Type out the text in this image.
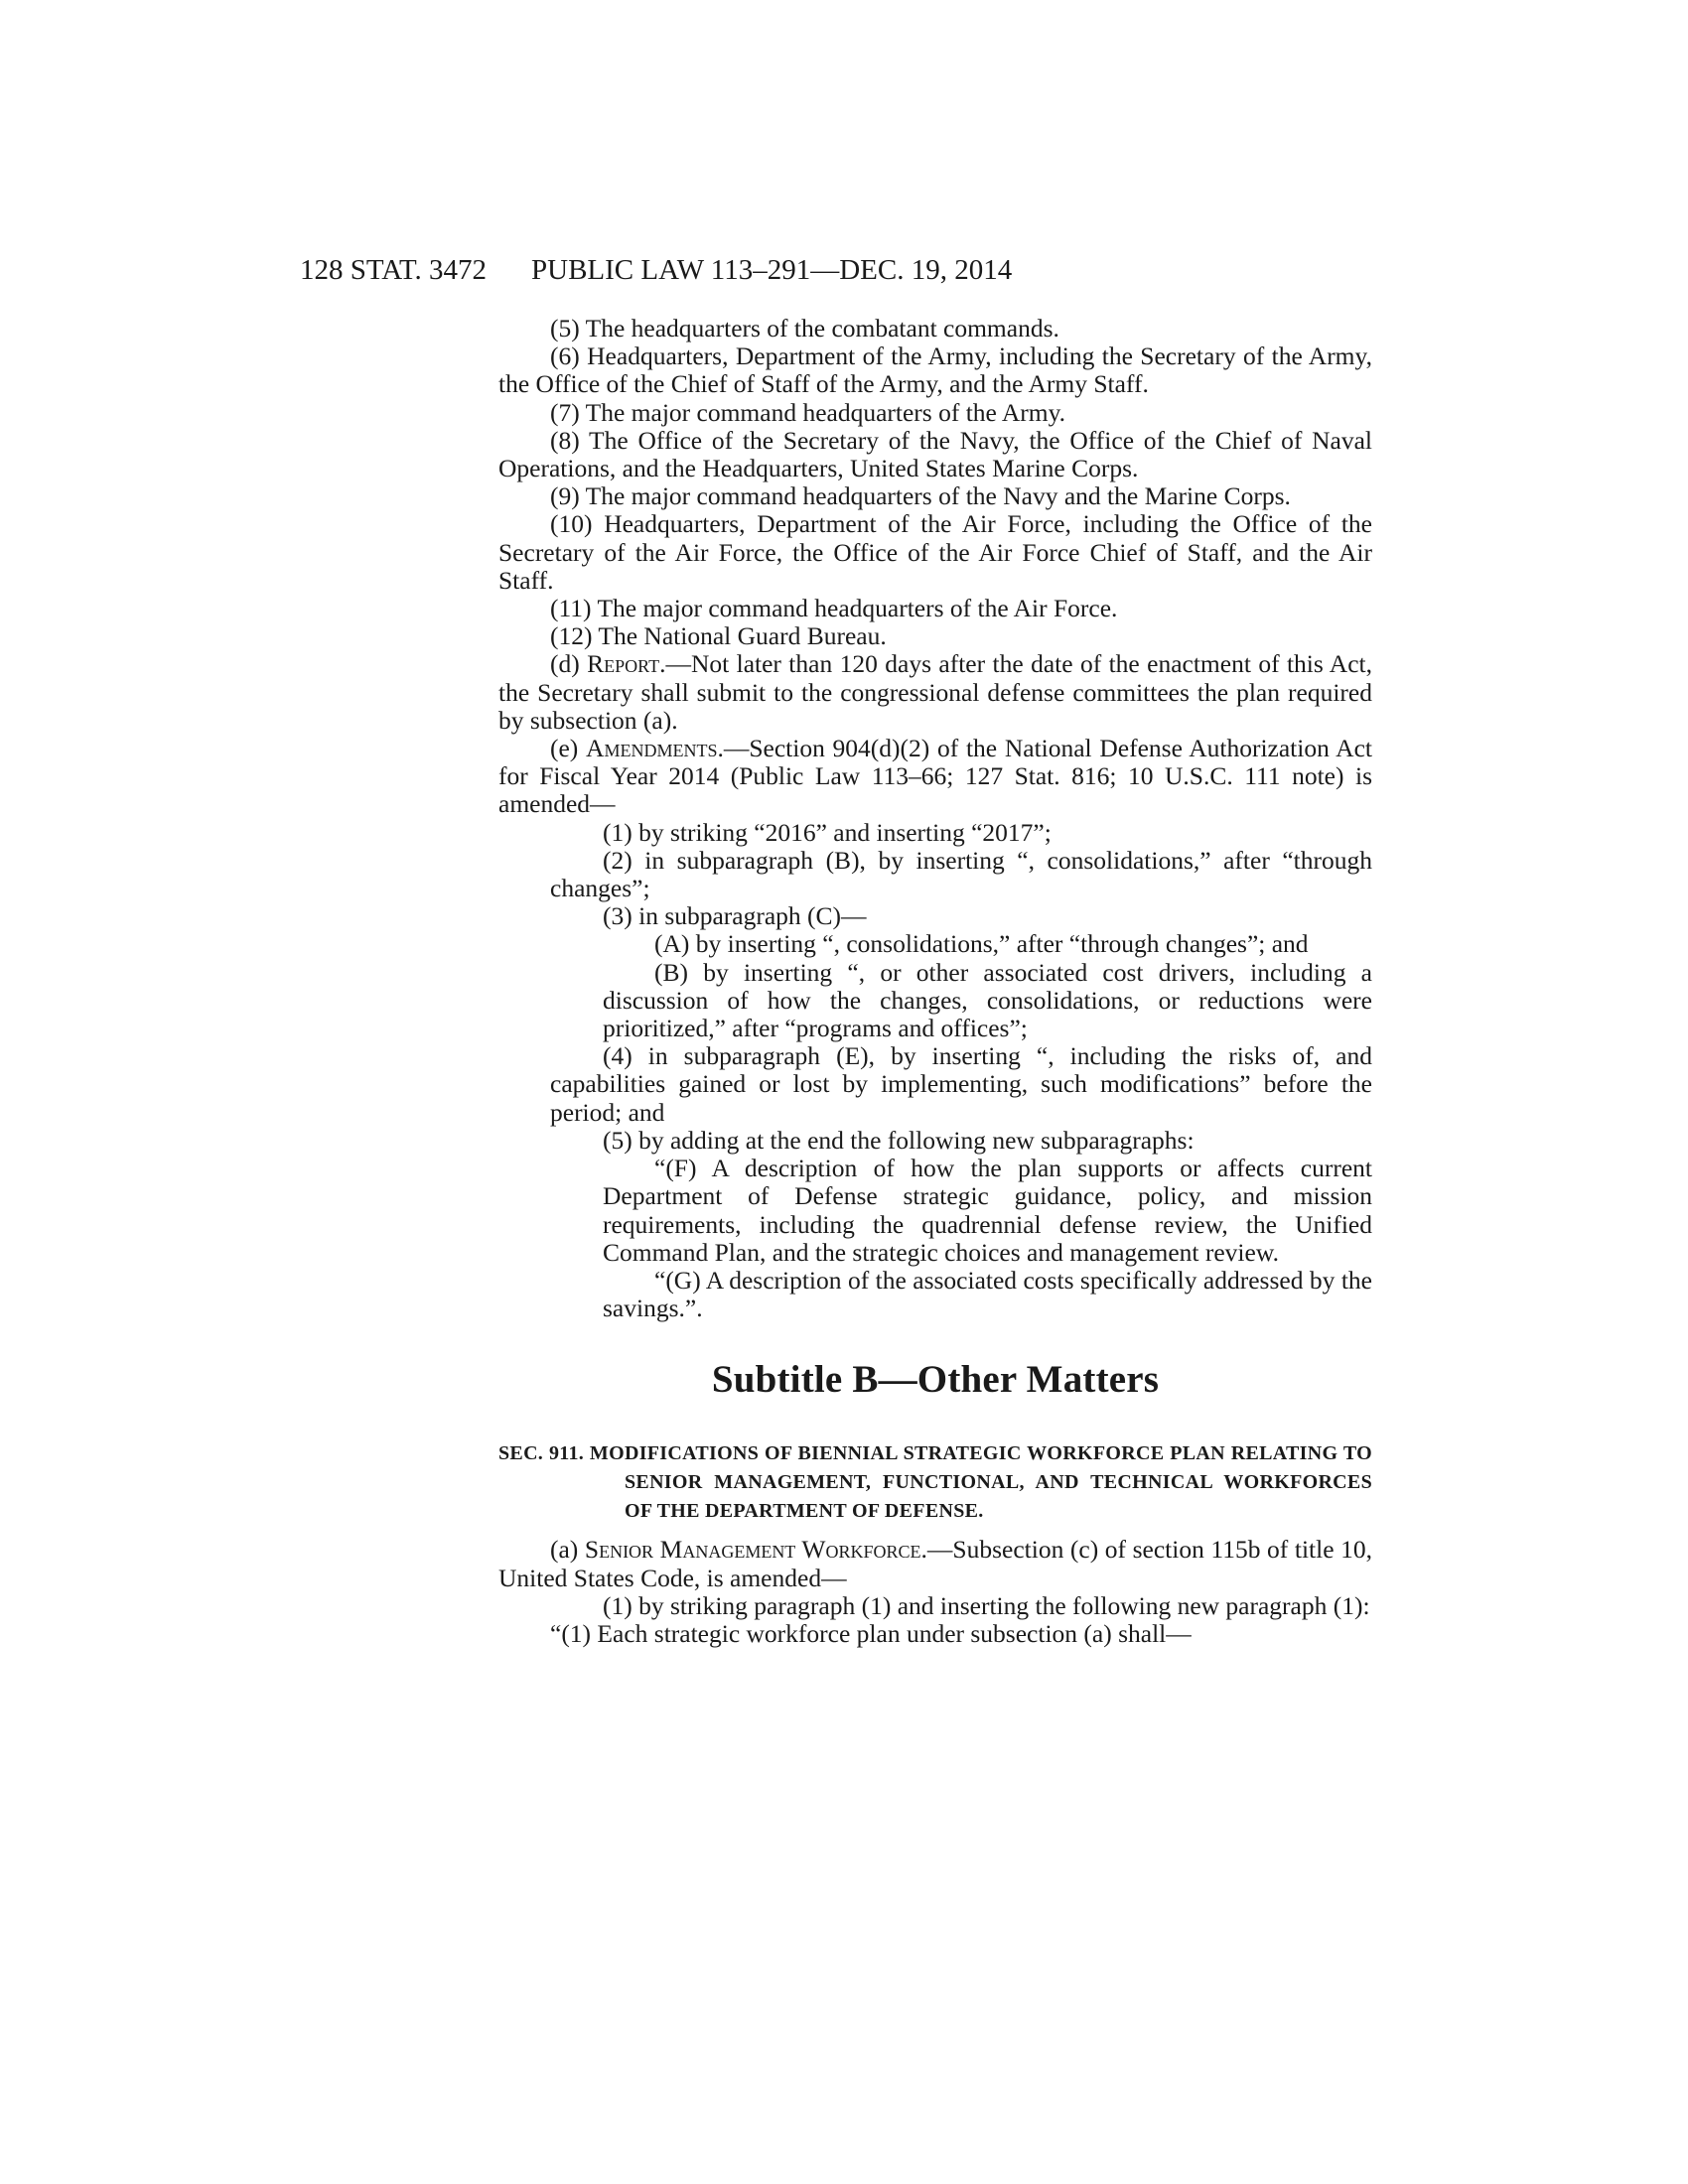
128 STAT. 3472 PUBLIC LAW 113–291—DEC. 19, 2014

(5) The headquarters of the combatant commands.

(6) Headquarters, Department of the Army, including the Secretary of the Army, the Office of the Chief of Staff of the Army, and the Army Staff.

(7) The major command headquarters of the Army.

(8) The Office of the Secretary of the Navy, the Office of the Chief of Naval Operations, and the Headquarters, United States Marine Corps.

(9) The major command headquarters of the Navy and the Marine Corps.

(10) Headquarters, Department of the Air Force, including the Office of the Secretary of the Air Force, the Office of the Air Force Chief of Staff, and the Air Staff.

(11) The major command headquarters of the Air Force.

(12) The National Guard Bureau.

(d) Report.—Not later than 120 days after the date of the enactment of this Act, the Secretary shall submit to the congressional defense committees the plan required by subsection (a).

(e) Amendments.—Section 904(d)(2) of the National Defense Authorization Act for Fiscal Year 2014 (Public Law 113–66; 127 Stat. 816; 10 U.S.C. 111 note) is amended—

(1) by striking “2016” and inserting “2017”;

(2) in subparagraph (B), by inserting “, consolidations,” after “through changes”;

(3) in subparagraph (C)—

(A) by inserting “, consolidations,” after “through changes”; and

(B) by inserting “, or other associated cost drivers, including a discussion of how the changes, consolidations, or reductions were prioritized,” after “programs and offices”;

(4) in subparagraph (E), by inserting “, including the risks of, and capabilities gained or lost by implementing, such modifications” before the period; and

(5) by adding at the end the following new subparagraphs:

“(F) A description of how the plan supports or affects current Department of Defense strategic guidance, policy, and mission requirements, including the quadrennial defense review, the Unified Command Plan, and the strategic choices and management review.

“(G) A description of the associated costs specifically addressed by the savings.”.

Subtitle B—Other Matters

SEC. 911. MODIFICATIONS OF BIENNIAL STRATEGIC WORKFORCE PLAN RELATING TO SENIOR MANAGEMENT, FUNCTIONAL, AND TECHNICAL WORKFORCES OF THE DEPARTMENT OF DEFENSE.

(a) Senior Management Workforce.—Subsection (c) of section 115b of title 10, United States Code, is amended—

(1) by striking paragraph (1) and inserting the following new paragraph (1):

“(1) Each strategic workforce plan under subsection (a) shall—
